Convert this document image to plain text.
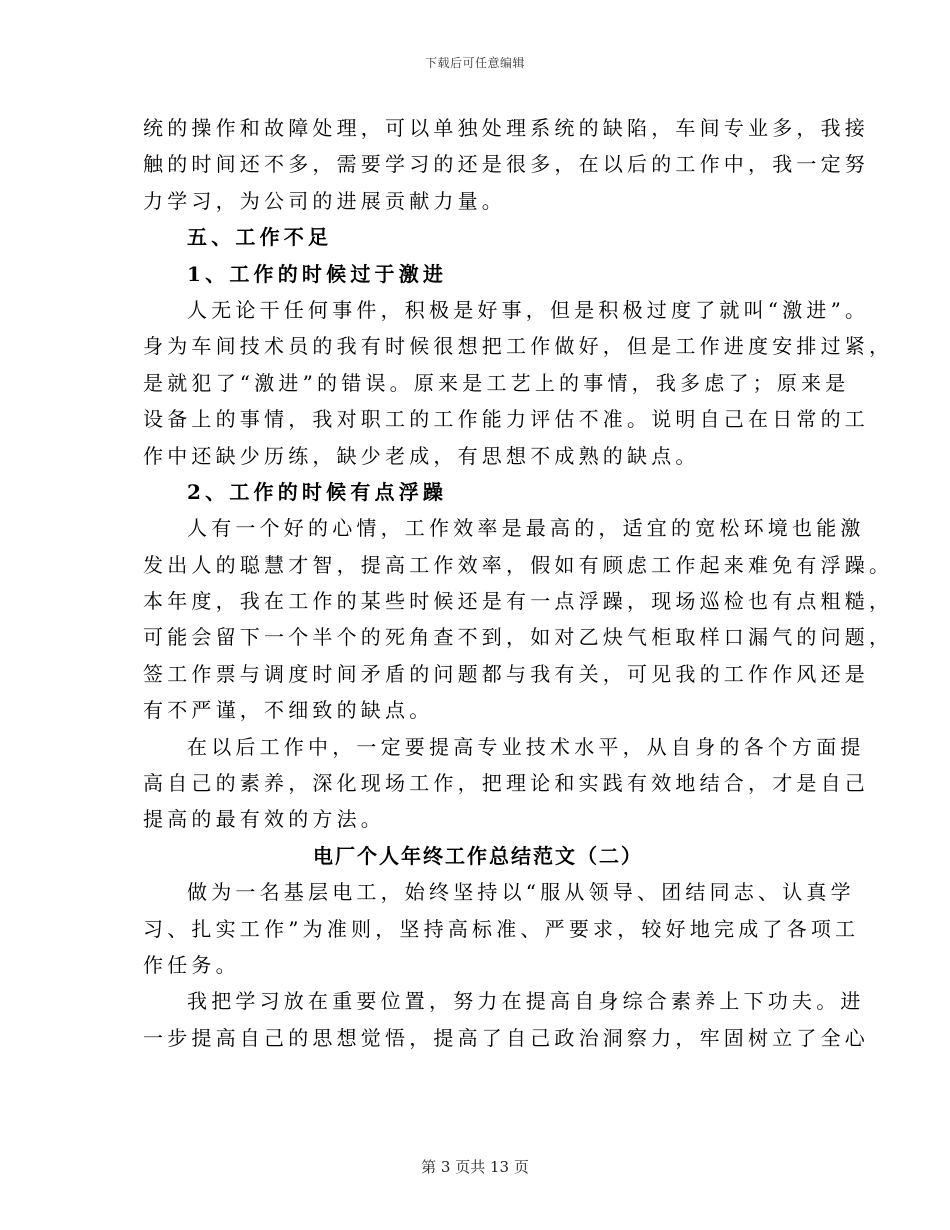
下载后可任意编辑
统的操作和故障处理，可以单独处理系统的缺陷，车间专业多，我接
触的时间还不多，需要学习的还是很多，在以后的工作中，我一定努
力学习，为公司的进展贡献力量。
五、工作不足
1、工作的时候过于激进
人无论干任何事件，积极是好事，但是积极过度了就叫“激进”。
身为车间技术员的我有时候很想把工作做好，但是工作进度安排过紧，
是就犯了“激进”的错误。原来是工艺上的事情，我多虑了；原来是
设备上的事情，我对职工的工作能力评估不准。说明自己在日常的工
作中还缺少历练，缺少老成，有思想不成熟的缺点。
2、工作的时候有点浮躁
人有一个好的心情，工作效率是最高的，适宜的宽松环境也能激
发出人的聪慧才智，提高工作效率，假如有顾虑工作起来难免有浮躁。
本年度，我在工作的某些时候还是有一点浮躁，现场巡检也有点粗糙，
可能会留下一个半个的死角查不到，如对乙炔气柜取样口漏气的问题，
签工作票与调度时间矛盾的问题都与我有关，可见我的工作作风还是
有不严谨，不细致的缺点。
在以后工作中，一定要提高专业技术水平，从自身的各个方面提
高自己的素养，深化现场工作，把理论和实践有效地结合，才是自己
提高的最有效的方法。
电厂个人年终工作总结范文（二）
做为一名基层电工，始终坚持以“服从领导、团结同志、认真学
习、扎实工作”为准则，坚持高标准、严要求，较好地完成了各项工
作任务。
我把学习放在重要位置，努力在提高自身综合素养上下功夫。进
一步提高自己的思想觉悟，提高了自己政治洞察力，牢固树立了全心
第 3 页共 13 页
